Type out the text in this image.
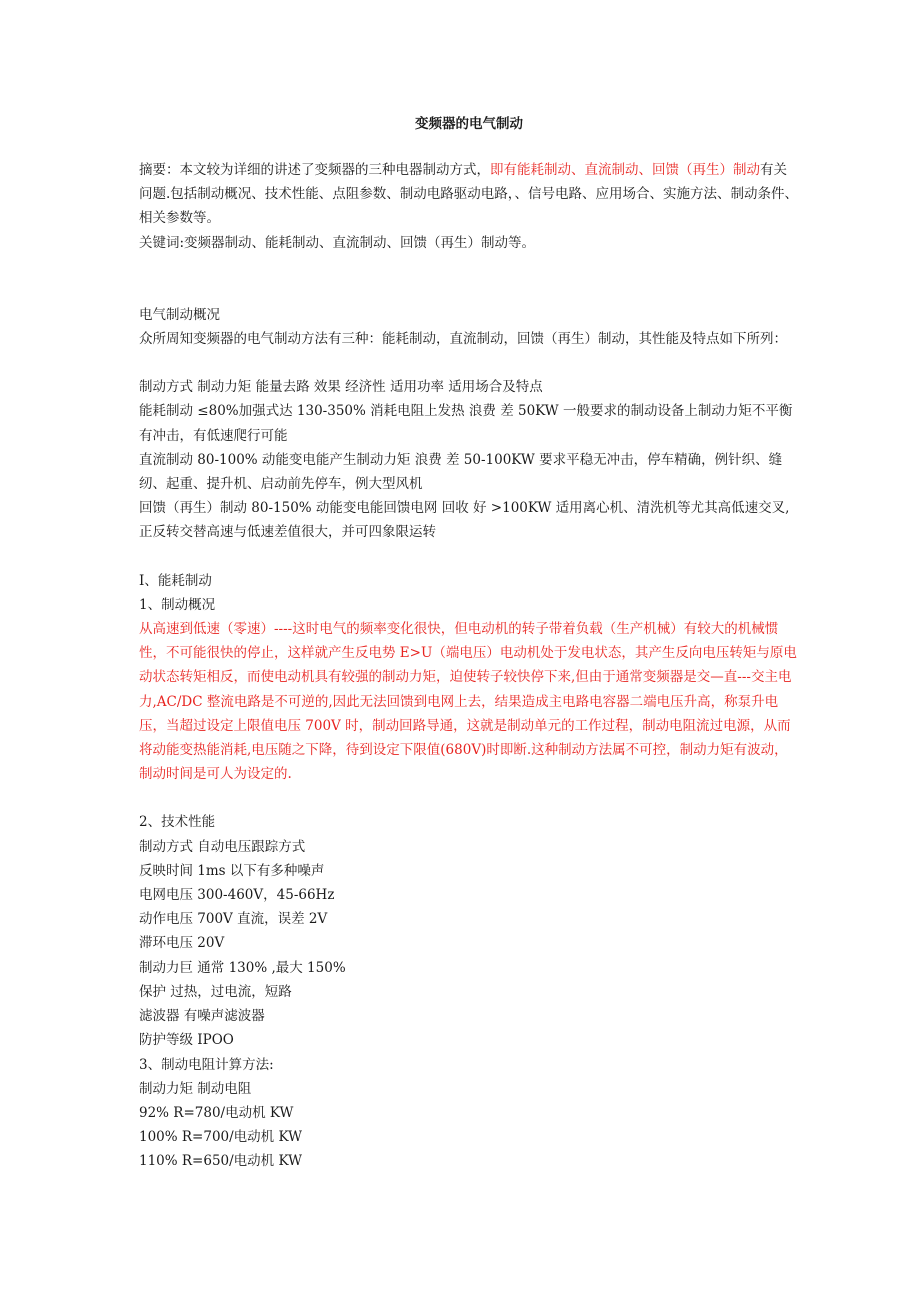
变频器的电气制动

摘要：本文较为详细的讲述了变频器的三种电器制动方式，即有能耗制动、直流制动、回馈（再生）制动有关问题.包括制动概况、技术性能、点阻参数、制动电路驱动电路，、信号电路、应用场合、实施方法、制动条件、相关参数等。

关键词:变频器制动、能耗制动、直流制动、回馈（再生）制动等。

电气制动概况

众所周知变频器的电气制动方法有三种：能耗制动，直流制动，回馈（再生）制动，其性能及特点如下所列：

制动方式 制动力矩 能量去路 效果 经济性 适用功率 适用场合及特点

能耗制动 ≤80%加强式达 130-350% 消耗电阻上发热 浪费 差 50KW 一般要求的制动设备上制动力矩不平衡有冲击，有低速爬行可能

直流制动 80-100% 动能变电能产生制动力矩 浪费 差 50-100KW 要求平稳无冲击，停车精确，例针织、缝纫、起重、提升机、启动前先停车，例大型风机

回馈（再生）制动 80-150% 动能变电能回馈电网 回收 好 >100KW 适用离心机、清洗机等尤其高低速交叉,正反转交替高速与低速差值很大，并可四象限运转

I、能耗制动

1、制动概况

从高速到低速（零速）----这时电气的频率变化很快，但电动机的转子带着负载（生产机械）有较大的机械惯性，不可能很快的停止，这样就产生反电势 E>U（端电压）电动机处于发电状态，其产生反向电压转矩与原电动状态转矩相反，而使电动机具有较强的制动力矩，迫使转子较快停下来,但由于通常变频器是交—直---交主电力,AC/DC 整流电路是不可逆的,因此无法回馈到电网上去，结果造成主电路电容器二端电压升高，称泵升电压，当超过设定上限值电压 700V 时，制动回路导通，这就是制动单元的工作过程，制动电阻流过电源，从而将动能变热能消耗,电压随之下降，待到设定下限值(680V)时即断.这种制动方法属不可控，制动力矩有波动，制动时间是可人为设定的.

2、技术性能

制动方式 自动电压跟踪方式

反映时间 1ms 以下有多种噪声

电网电压 300-460V，45-66Hz

动作电压 700V 直流，误差 2V

滞环电压 20V

制动力巨 通常 130% ,最大 150%

保护 过热，过电流，短路

滤波器 有噪声滤波器

防护等级 IPOO

3、制动电阻计算方法:

制动力矩 制动电阻

92% R=780/电动机 KW

100% R=700/电动机 KW

110% R=650/电动机 KW
